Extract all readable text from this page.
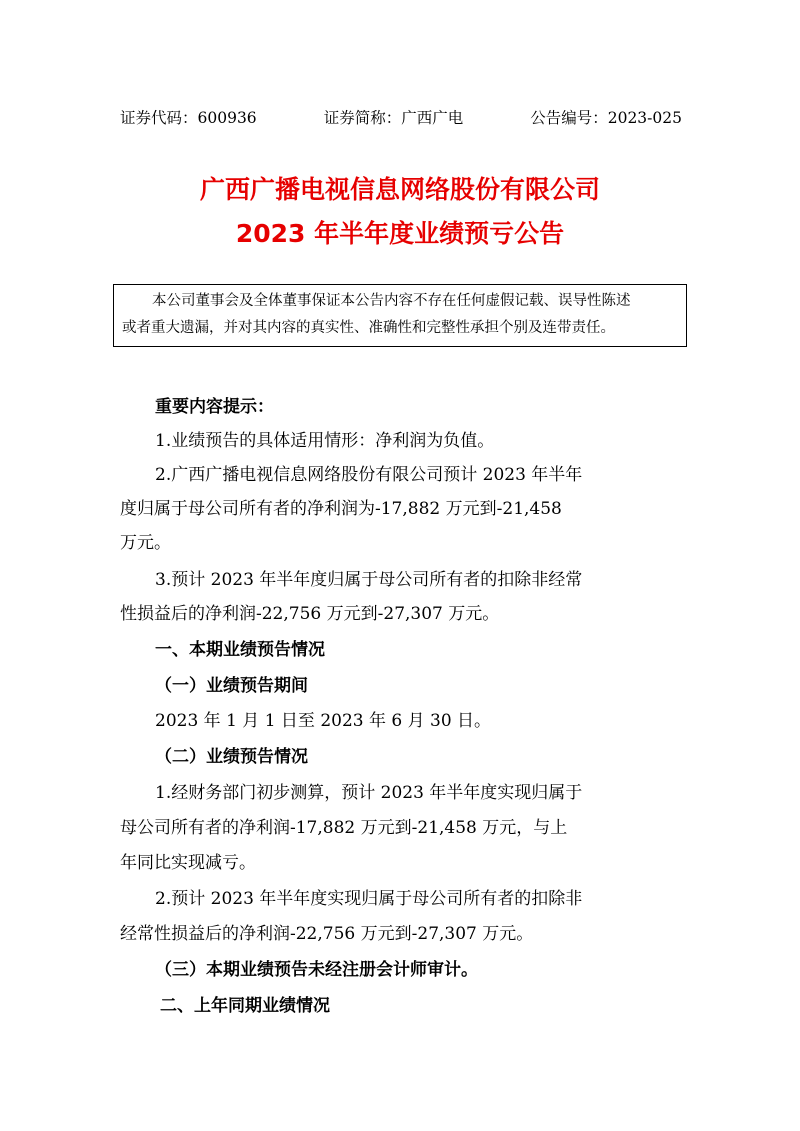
证券代码：600936	证券简称：广西广电	公告编号：2023-025
广西广播电视信息网络股份有限公司
2023 年半年度业绩预亏公告
本公司董事会及全体董事保证本公告内容不存在任何虚假记载、误导性陈述
或者重大遗漏，并对其内容的真实性、准确性和完整性承担个别及连带责任。
重要内容提示：
1.业绩预告的具体适用情形：净利润为负值。
2.广西广播电视信息网络股份有限公司预计 2023 年半年
度归属于母公司所有者的净利润为-17,882 万元到-21,458
万元。
3.预计 2023 年半年度归属于母公司所有者的扣除非经常
性损益后的净利润-22,756 万元到-27,307 万元。
一、本期业绩预告情况
（一）业绩预告期间
2023 年 1 月 1 日至 2023 年 6 月 30 日。
（二）业绩预告情况
1.经财务部门初步测算，预计 2023 年半年度实现归属于
母公司所有者的净利润-17,882 万元到-21,458 万元，与上
年同比实现减亏。
2.预计 2023 年半年度实现归属于母公司所有者的扣除非
经常性损益后的净利润-22,756 万元到-27,307 万元。
（三）本期业绩预告未经注册会计师审计。
二、上年同期业绩情况
